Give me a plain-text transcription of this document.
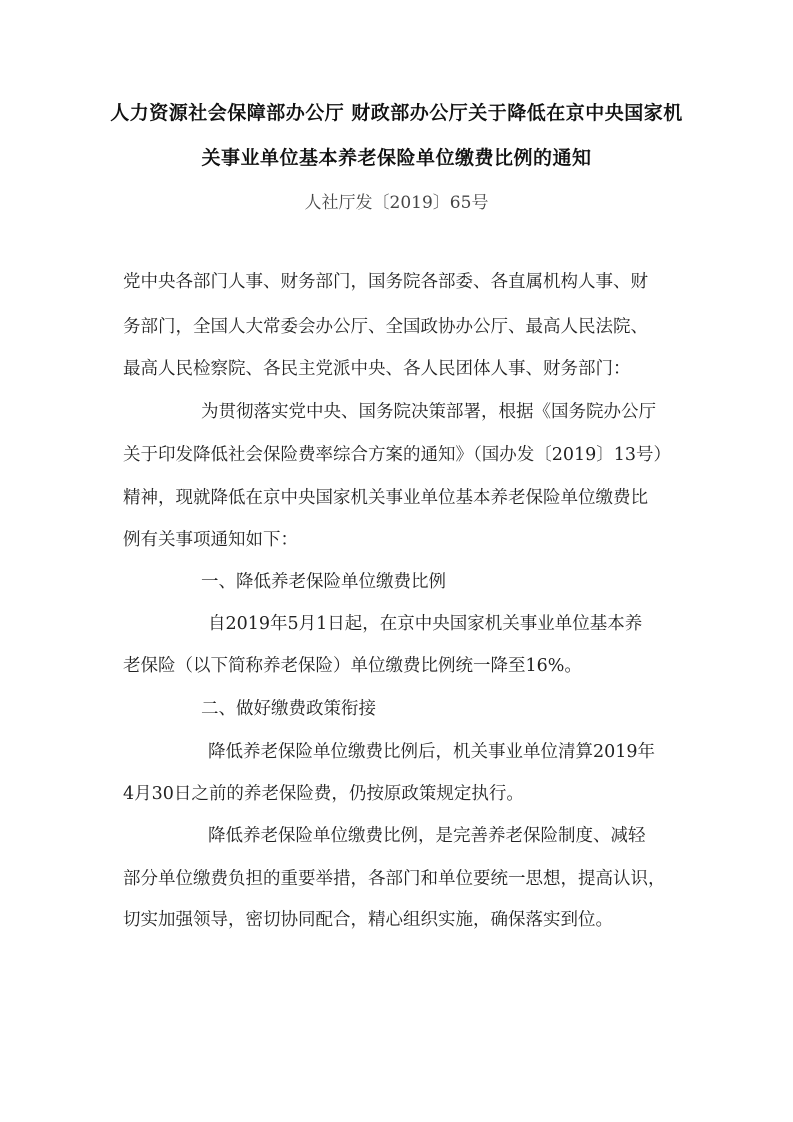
人力资源社会保障部办公厅 财政部办公厅关于降低在京中央国家机
关事业单位基本养老保险单位缴费比例的通知
人社厅发〔2019〕65号
党中央各部门人事、财务部门，国务院各部委、各直属机构人事、财
务部门，全国人大常委会办公厅、全国政协办公厅、最高人民法院、
最高人民检察院、各民主党派中央、各人民团体人事、财务部门：
为贯彻落实党中央、国务院决策部署，根据《国务院办公厅
关于印发降低社会保险费率综合方案的通知》（国办发〔2019〕13号）
精神，现就降低在京中央国家机关事业单位基本养老保险单位缴费比
例有关事项通知如下：
一、降低养老保险单位缴费比例
自2019年5月1日起，在京中央国家机关事业单位基本养
老保险（以下简称养老保险）单位缴费比例统一降至16%。
二、做好缴费政策衔接
降低养老保险单位缴费比例后，机关事业单位清算2019年
4月30日之前的养老保险费，仍按原政策规定执行。
降低养老保险单位缴费比例，是完善养老保险制度、减轻
部分单位缴费负担的重要举措，各部门和单位要统一思想，提高认识，
切实加强领导，密切协同配合，精心组织实施，确保落实到位。
